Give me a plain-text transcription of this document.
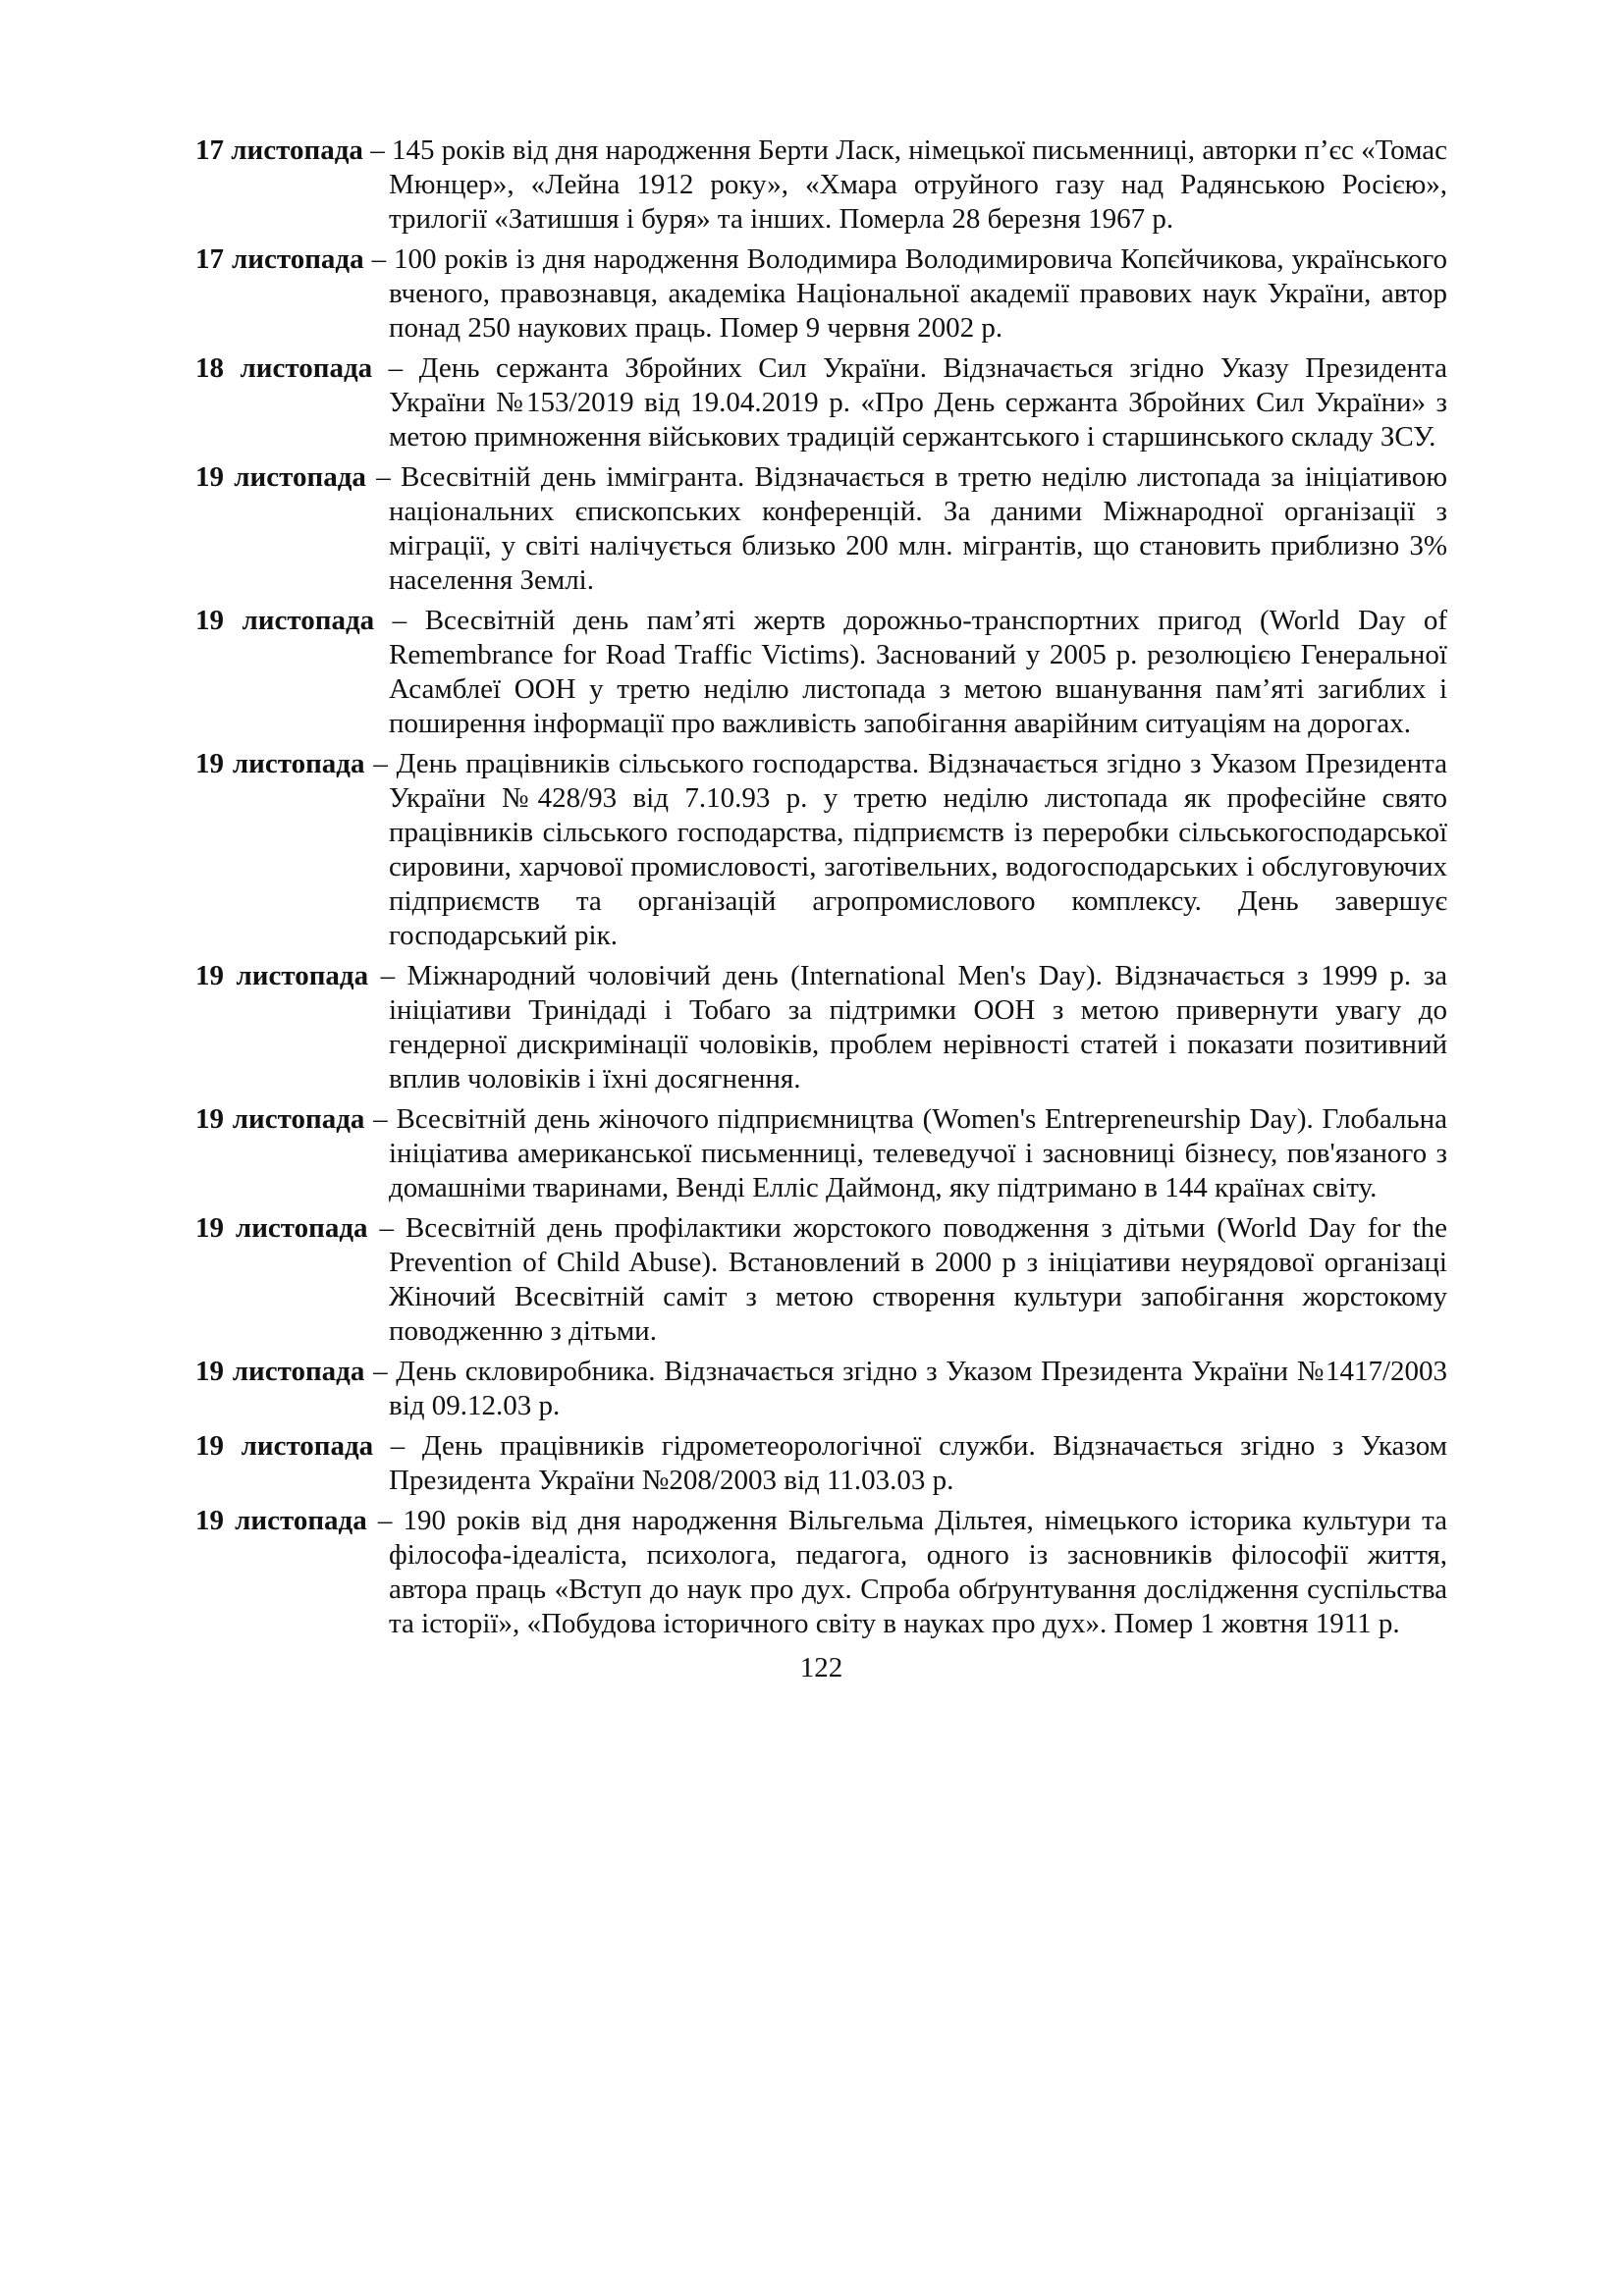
17 листопада – 145 років від дня народження Берти Ласк, німецької письменниці, авторки п’єс «Томас Мюнцер», «Лейна 1912 року», «Хмара отруйного газу над Радянською Росією», трилогії «Затишшя і буря» та інших. Померла 28 березня 1967 р.

17 листопада – 100 років із дня народження Володимира Володимировича Копєйчикова, українського вченого, правознавця, академіка Національної академії правових наук України, автор понад 250 наукових праць. Помер 9 червня 2002 р.

18 листопада – День сержанта Збройних Сил України. Відзначається згідно Указу Президента України №153/2019 від 19.04.2019 р. «Про День сержанта Збройних Сил України» з метою примноження військових традицій сержантського і старшинського складу ЗСУ.

19 листопада – Всесвітній день іммігранта. Відзначається в третю неділю листопада за ініціативою національних єпископських конференцій. За даними Міжнародної організації з міграції, у світі налічується близько 200 млн. мігрантів, що становить приблизно 3% населення Землі.

19 листопада – Всесвітній день пам’яті жертв дорожньо-транспортних пригод (World Day of Remembrance for Road Traffic Victims). Заснований у 2005 р. резолюцією Генеральної Асамблеї ООН у третю неділю листопада з метою вшанування пам’яті загиблих і поширення інформації про важливість запобігання аварійним ситуаціям на дорогах.

19 листопада – День працівників сільського господарства. Відзначається згідно з Указом Президента України №428/93 від 7.10.93 р. у третю неділю листопада як професійне свято працівників сільського господарства, підприємств із переробки сільськогосподарської сировини, харчової промисловості, заготівельних, водогосподарських і обслуговуючих підприємств та організацій агропромислового комплексу. День завершує господарський рік.

19 листопада – Міжнародний чоловічий день (International Men's Day). Відзначається з 1999 р. за ініціативи Тринідаді і Тобаго за підтримки ООН з метою привернути увагу до гендерної дискримінації чоловіків, проблем нерівності статей і показати позитивний вплив чоловіків і їхні досягнення.

19 листопада – Всесвітній день жіночого підприємництва (Women's Entrepreneurship Day). Глобальна ініціатива американської письменниці, телеведучої і засновниці бізнесу, пов'язаного з домашніми тваринами, Венді Елліс Даймонд, яку підтримано в 144 країнах світу.

19 листопада – Всесвітній день профілактики жорстокого поводження з дітьми (World Day for the Prevention of Child Abuse). Встановлений в 2000 р з ініціативи неурядової організаці Жіночий Всесвітній саміт з метою створення культури запобігання жорстокому поводженню з дітьми.

19 листопада – День скловиробника. Відзначається згідно з Указом Президента України №1417/2003 від 09.12.03 р.

19 листопада – День працівників гідрометеорологічної служби. Відзначається згідно з Указом Президента України №208/2003 від 11.03.03 р.

19 листопада – 190 років від дня народження Вільгельма Дільтея, німецького історика культури та філософа-ідеаліста, психолога, педагога, одного із засновників філософії життя, автора праць «Вступ до наук про дух. Спроба обґрунтування дослідження суспільства та історії», «Побудова історичного світу в науках про дух». Помер 1 жовтня 1911 р.

122
